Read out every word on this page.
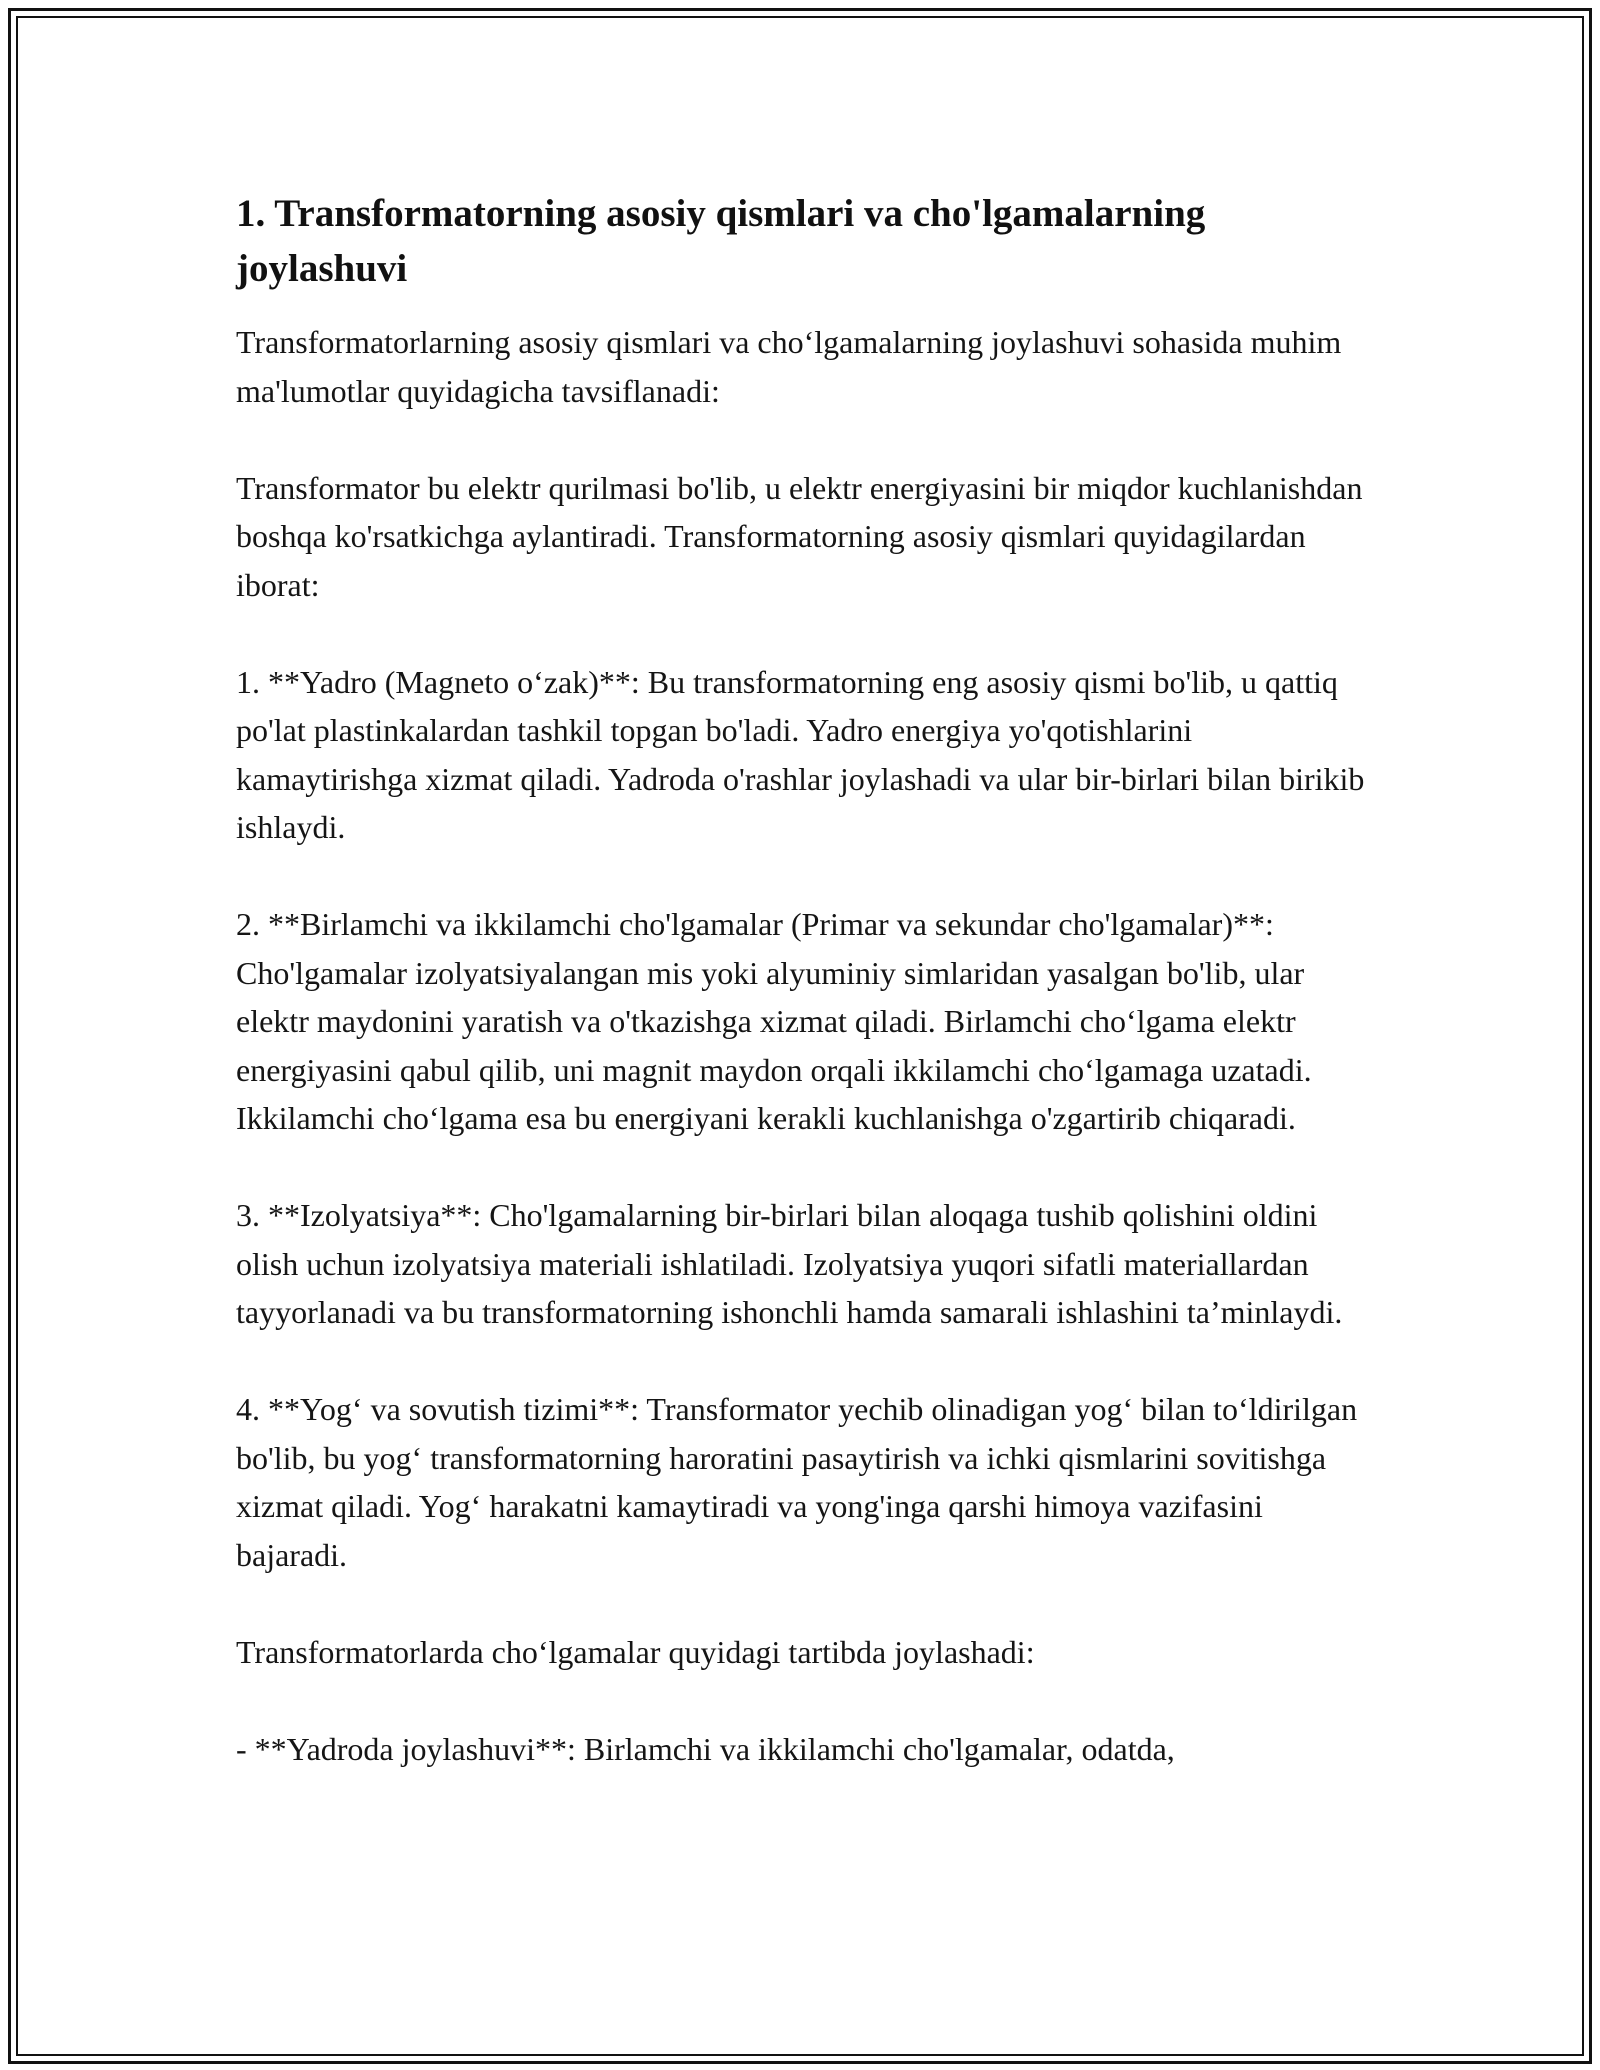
1. Transformatorning asosiy qismlari va cho'lgamalarning joylashuvi

Transformatorlarning asosiy qismlari va cho‘lgamalarning joylashuvi sohasida muhim ma'lumotlar quyidagicha tavsiflanadi:

Transformator bu elektr qurilmasi bo'lib, u elektr energiyasini bir miqdor kuchlanishdan boshqa ko'rsatkichga aylantiradi. Transformatorning asosiy qismlari quyidagilardan iborat:

1. **Yadro (Magneto o‘zak)**: Bu transformatorning eng asosiy qismi bo'lib, u qattiq po'lat plastinkalardan tashkil topgan bo'ladi. Yadro energiya yo'qotishlarini kamaytirishga xizmat qiladi. Yadroda o'rashlar joylashadi va ular bir-birlari bilan birikib ishlaydi.

2. **Birlamchi va ikkilamchi cho'lgamalar (Primar va sekundar cho'lgamalar)**: Cho'lgamalar izolyatsiyalangan mis yoki alyuminiy simlaridan yasalgan bo'lib, ular elektr maydonini yaratish va o'tkazishga xizmat qiladi. Birlamchi cho‘lgama elektr energiyasini qabul qilib, uni magnit maydon orqali ikkilamchi cho‘lgamaga uzatadi. Ikkilamchi cho‘lgama esa bu energiyani kerakli kuchlanishga o'zgartirib chiqaradi.

3. **Izolyatsiya**: Cho'lgamalarning bir-birlari bilan aloqaga tushib qolishini oldini olish uchun izolyatsiya materiali ishlatiladi. Izolyatsiya yuqori sifatli materiallardan tayyorlanadi va bu transformatorning ishonchli hamda samarali ishlashini ta’minlaydi.

4. **Yog‘ va sovutish tizimi**: Transformator yechib olinadigan yog‘ bilan to‘ldirilgan bo'lib, bu yog‘ transformatorning haroratini pasaytirish va ichki qismlarini sovitishga xizmat qiladi. Yog‘ harakatni kamaytiradi va yong'inga qarshi himoya vazifasini bajaradi.

Transformatorlarda cho‘lgamalar quyidagi tartibda joylashadi:

- **Yadroda joylashuvi**: Birlamchi va ikkilamchi cho'lgamalar, odatda,
